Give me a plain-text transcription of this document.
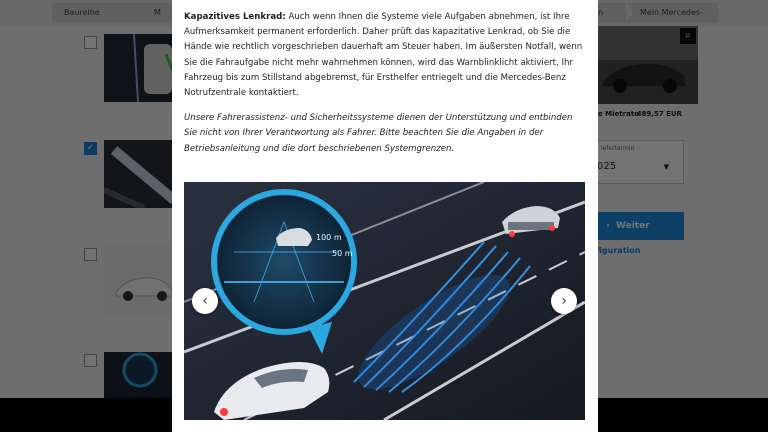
Kapazitives Lenkrad: Auch wenn Ihnen die Systeme viele Aufgaben abnehmen, ist Ihre Aufmerksamkeit permanent erforderlich. Daher prüft das kapazitative Lenkrad, ob Sie die Hände wie rechtlich vorgeschrieben dauerhaft am Steuer haben. Im äußersten Notfall, wenn Sie die Fahraufgabe nicht mehr wahrnehmen können, wird das Warnblinklicht aktiviert, Ihr Fahrzeug bis zum Stillstand abgebremst, für Ersthelfer entriegelt und die Mercedes-Benz Notrufzentrale kontaktiert.

Unsere Fahrerassistenz- und Sicherheitssysteme dienen der Unterstützung und entbinden Sie nicht von Ihrer Verantwortung als Fahrer. Bitte beachten Sie die Angaben in der Betriebsanleitung und die dort beschriebenen Systemgrenzen.

100 m
50 m
‹	›
